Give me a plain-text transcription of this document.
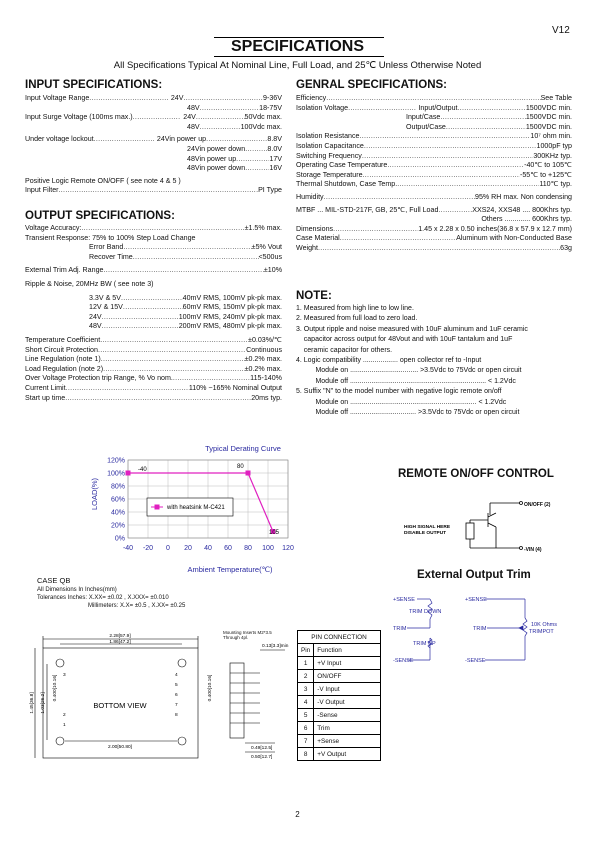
V12
SPECIFICATIONS
All Specifications Typical At Nominal Line, Full Load, and 25℃ Unless Otherwise Noted
INPUT SPECIFICATIONS:
Input Voltage Range .....	24V .....	9-36V
48V .....	18-75V
Input Surge Voltage (100ms max.) .....	24V .....	50Vdc max.
48V .....	100Vdc max.
Under voltage lockout .....	24Vin power up .....	8.8V
24Vin power down .....	8.0V
48Vin power up .....	17V
48Vin power down .....	16V
Positive Logic Remote ON/OFF ( see note 4 & 5 )
Input Filter .....	PI Type
OUTPUT SPECIFICATIONS:
Voltage Accuracy: .....	±1.5% max.
Transient Response: 75% to 100% Step Load Change
Error Band .....	±5% Vout
Recover Time .....	<500us
External Trim Adj. Range .....	±10%
Ripple & Noise, 20MHz BW ( see note 3)
3.3V & 5V .....	40mV RMS, 100mV pk-pk max.
12V & 15V .....	60mV RMS, 150mV pk-pk max.
24V .....	100mV RMS, 240mV pk-pk max.
48V .....	200mV RMS, 480mV pk-pk max.
Temperature Coefficient .....	±0.03%/℃
Short Circuit Protection .....	Continuous
Line Regulation (note 1) .....	±0.2% max.
Load Regulation (note 2) .....	±0.2% max.
Over Voltage Protection trip Range, % Vo nom. .....	115-140%
Current Limit .....	110% ~165% Nominal Output
Start up time .....	20ms typ.
GENRAL SPECIFICATIONS:
Efficiency .....	See Table
Isolation Voltage .....	Input/Output .....	1500VDC min.
Input/Case .....	1500VDC min.
Output/Case .....	1500VDC min.
Isolation Resistance .....	10⁷ ohm min.
Isolation Capacitance .....	1000pF typ
Switching Frequency .....	300KHz typ.
Operating Case Temperature .....	-40℃ to 105℃
Storage Temperature .....	-55℃ to +125℃
Thermal Shutdown, Case Temp. .....	110℃ typ.
Humidity .....	95% RH max. Non condensing
MTBF ... MIL-STD-217F, GB, 25℃, Full Load .....	XXS24, XXS48 .... 800Khrs typ.
Others ............. 600Khrs typ.
Dimensions .....	1.45 x 2.28 x 0.50 inches(36.8 x 57.9 x 12.7 mm)
Case Material .....	Aluminum with Non-Conducted Base
Weight .....	63g
NOTE:
1. Measured from high line to low line.
2. Measured from full load to zero load.
3. Output ripple and noise measured with 10uF aluminum and 1uF ceramic
capacitor across output for 48Vout and with 10uF tantalum and 1uF
ceramic capacitor for others.
4. Logic compatibility .................. open collector ref to -Input
Module on ................................... >3.5Vdc to 75Vdc or open circuit
Module off ...................................................................... < 1.2Vdc
5. Suffix "N" to the model number with negative logic remote on/off
Module on ................................................................. < 1.2Vdc
Module off .................................. >3.5Vdc to 75Vdc or open circuit
Typical Derating Curve
0%
20%
40%
60%
80%
100%
120%
-40 -20 0 20 40 60 80 100 120
LOAD(%)
Ambient Temperature(℃)
with heatsink M-C421
-40	80
105
CASE QB
All Dimensions In Inches(mm)
Tolerances Inches: X.XX= ±0.02 , X.XXX= ±0.010
Millimeters: X.X= ±0.5 , X.XX= ±0.25
3
1
4
5
6
7
8
2
BOTTOM VIEW
2.28[57.9]
1.86[47.2]
2.00[50.80]
0.13[3.3]min
0.49[12.5]
0.50[12.7]
Mounting Inserts M2*3.5 Through 4pl.
1.45[36.8] 1.03[26.2]
0.400[10.16]	0.400[10.16]
PIN CONNECTION	
Pin	Function
1	+V Input
2	ON/OFF
3	-V Input
4	-V Output
5	-Sense
6	Trim
7	+Sense
8	+V Output
REMOTE ON/OFF CONTROL
ON/OFF (2)
-VIN (4)
HIGH SIGNAL HERE
DISABLE OUTPUT
External Output Trim
+SENSE
TRIM
-SENSE
TRIM DOWN
TRIM UP
+SENSE
TRIM
-SENSE
10K Ohms
TRIMPOT
2
